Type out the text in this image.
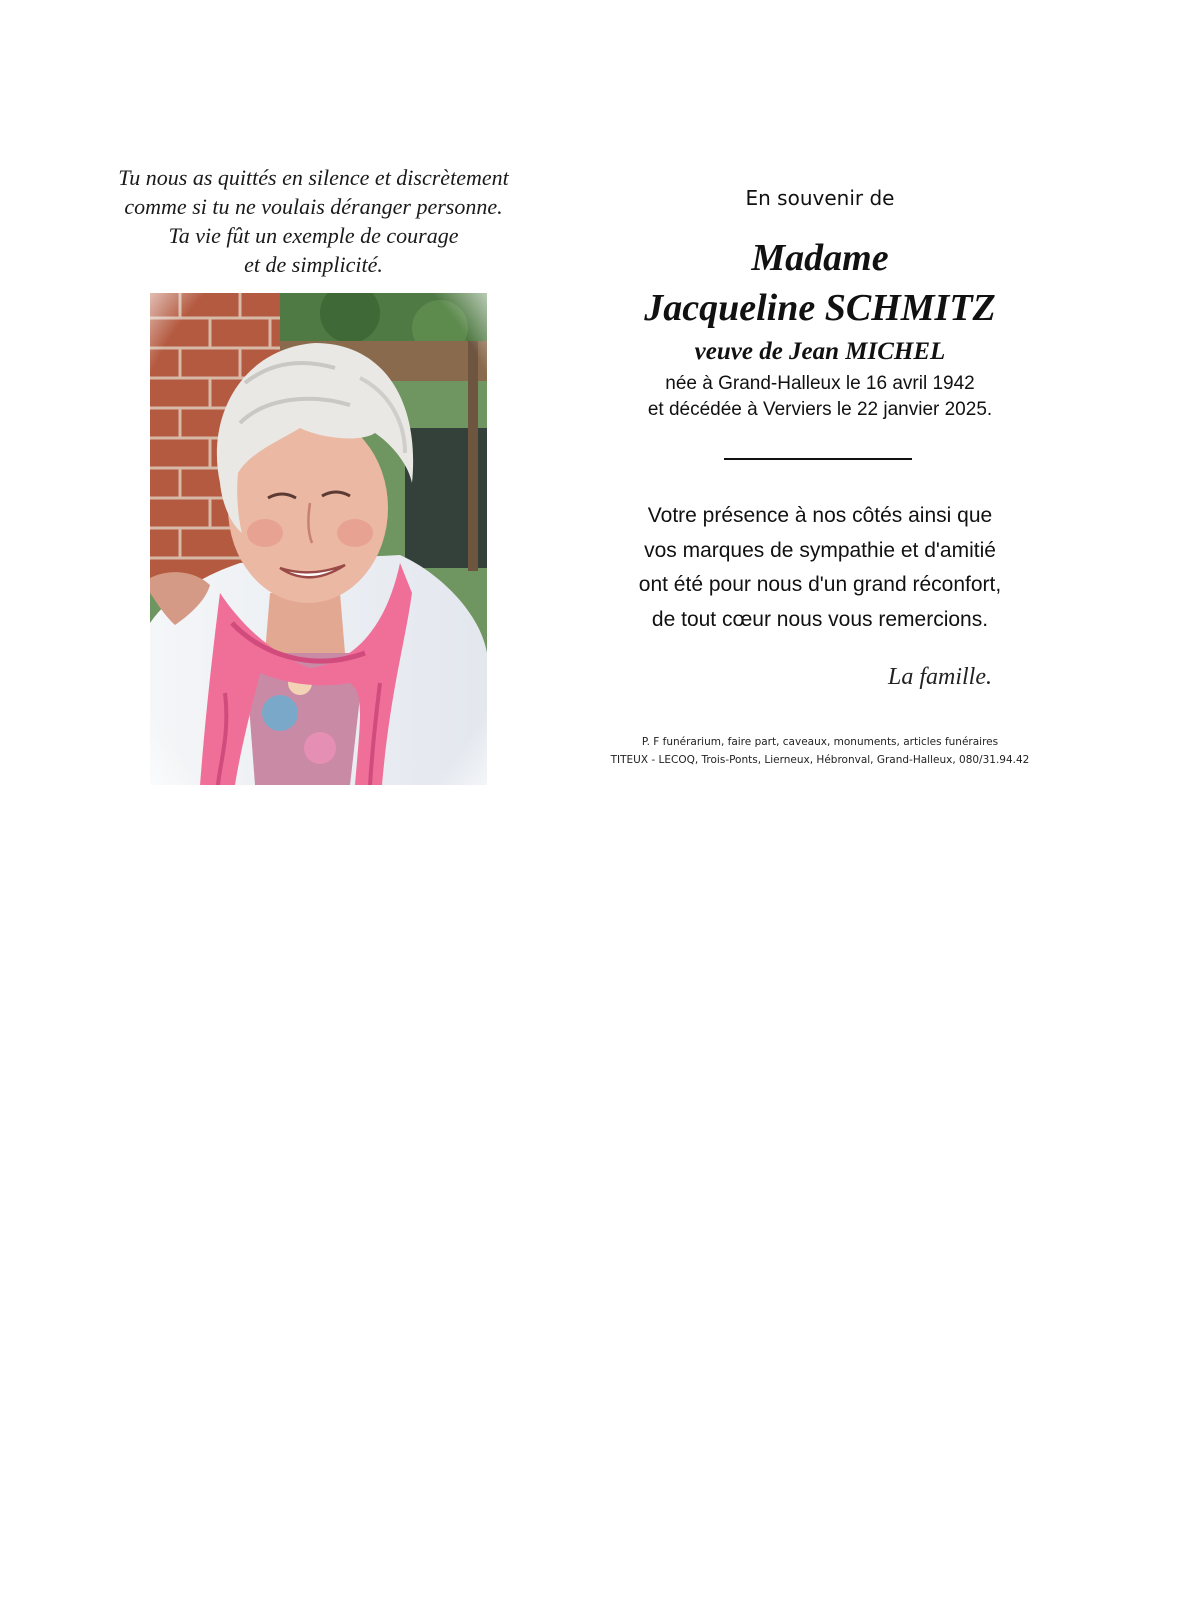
Tu nous as quittés en silence et discrètement
comme si tu ne voulais déranger personne.
Ta vie fût un exemple de courage
et de simplicité.
En souvenir de
Madame
Jacqueline SCHMITZ
veuve de Jean MICHEL
née à Grand-Halleux le 16 avril 1942
et décédée à Verviers le 22 janvier 2025.
Votre présence à nos côtés ainsi que
vos marques de sympathie et d'amitié
ont été pour nous d'un grand réconfort,
de tout cœur nous vous remercions.
La famille.
P. F funérarium, faire part, caveaux, monuments, articles funéraires
TITEUX - LECOQ, Trois-Ponts, Lierneux, Hébronval, Grand-Halleux, 080/31.94.42
